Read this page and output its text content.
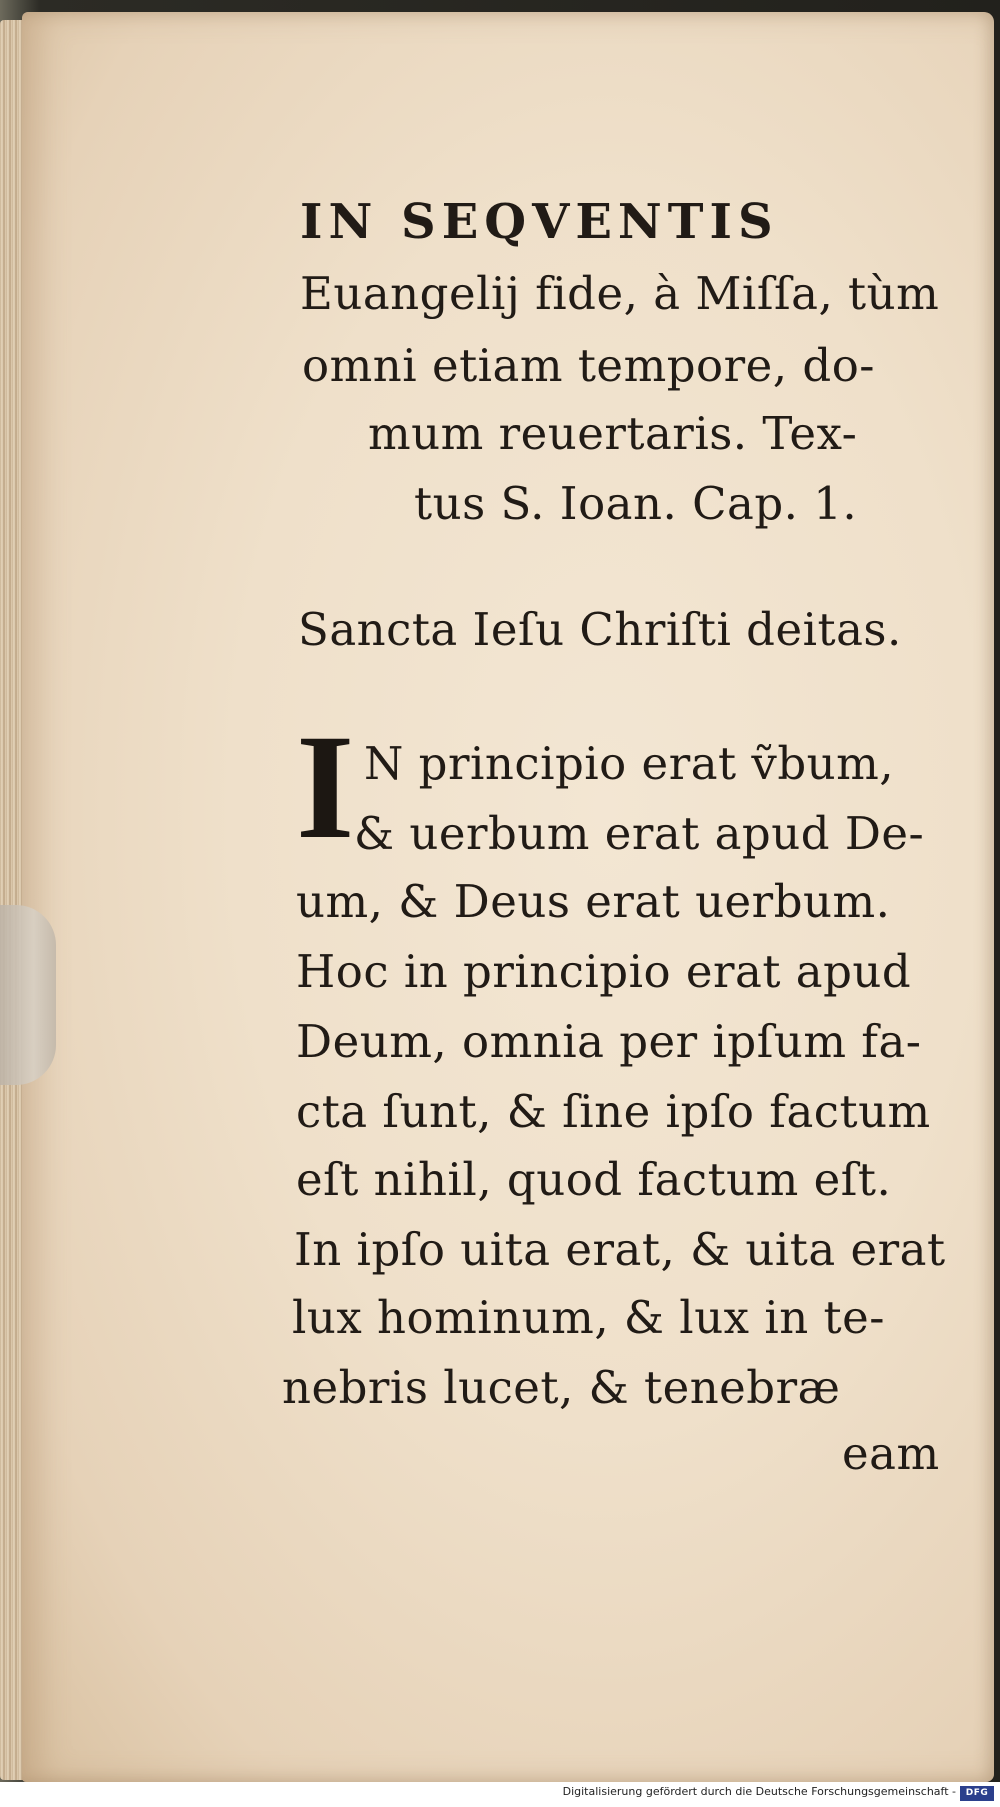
IN SEQVENTIS
Euangelij fide, à Miſſa, tùm
omni etiam tempore, do-
mum reuertaris. Tex-
tus S. Ioan. Cap. 1.
Sancta Ieſu Chriſti deitas.
I N principio erat ṽbum,
& uerbum erat apud De-
um, & Deus erat uerbum.
Hoc in principio erat apud
Deum, omnia per ipſum fa-
cta ſunt, & ſine ipſo factum
eſt nihil, quod factum eſt.
In ipſo uita erat, & uita erat
lux hominum, & lux in te-
nebris lucet, & tenebræ
eam
Digitalisierung gefördert durch die Deutsche Forschungsgemeinschaft -	DFG
